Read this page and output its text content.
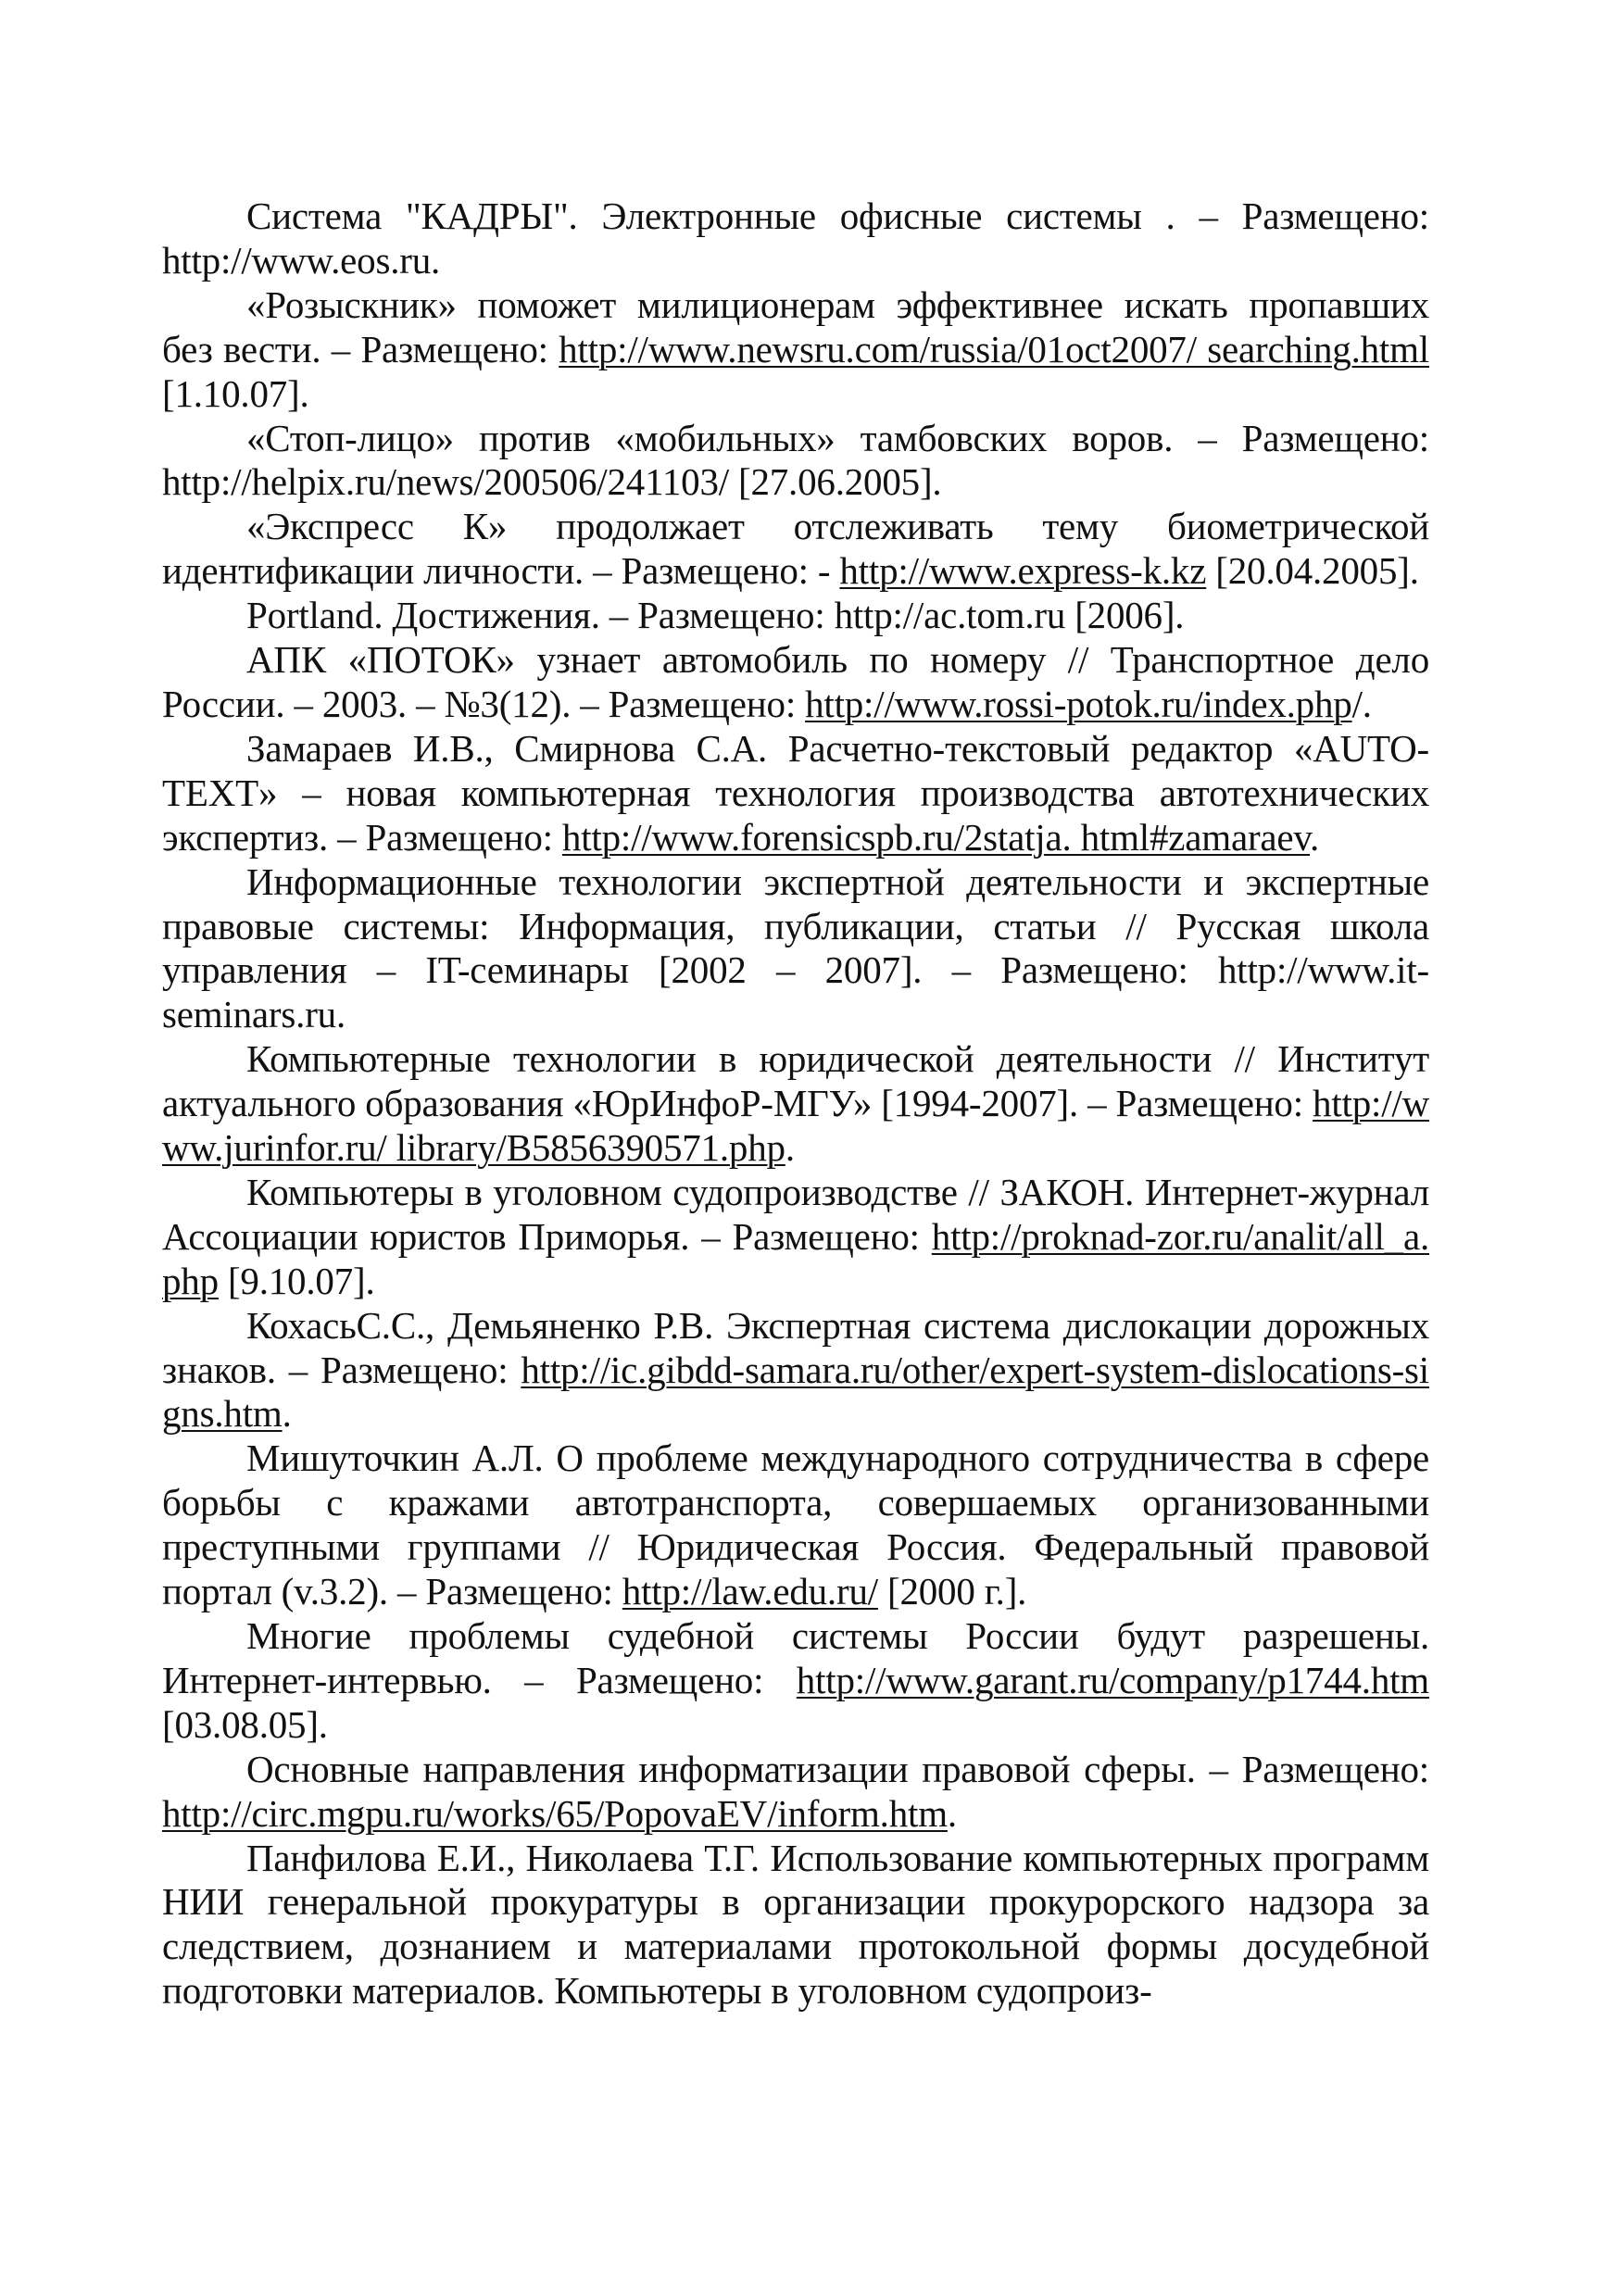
Система "КАДРЫ". Электронные офисные системы . – Размещено: http://www.eos.ru.

«Розыскник» поможет милиционерам эффективнее искать пропавших без вести. – Размещено: http://www.newsru.com/russia/01oct2007/ searching.html [1.10.07].

«Стоп-лицо» против «мобильных» тамбовских воров. – Размещено: http://helpix.ru/news/200506/241103/ [27.06.2005].

«Экспресс К» продолжает отслеживать тему биометрической идентификации личности. – Размещено: - http://www.express-k.kz [20.04.2005].

Portland. Достижения. – Размещено: http://ac.tom.ru [2006].

АПК «ПОТОК» узнает автомобиль по номеру // Транспортное дело России. – 2003. – №3(12). – Размещено: http://www.rossi-potok.ru/index.php/.

Замараев И.В., Смирнова С.А. Расчетно-текстовый редактор «AUTO-TEXT» – новая компьютерная технология производства автотехнических экспертиз. – Размещено: http://www.forensicspb.ru/2statja. html#zamaraev.

Информационные технологии экспертной деятельности и экспертные правовые системы: Информация, публикации, статьи // Русская школа управления – IT-семинары [2002 – 2007]. – Размещено: http://www.it-seminars.ru.

Компьютерные технологии в юридической деятельности // Институт актуального образования «ЮрИнфоР-МГУ» [1994-2007]. – Размещено: http://www.jurinfor.ru/ library/B5856390571.php.

Компьютеры в уголовном судопроизводстве // ЗАКОН. Интернет-журнал Ассоциации юристов Приморья. – Размещено: http://proknad-zor.ru/analit/all_a.php [9.10.07].

КохасьС.С., Демьяненко Р.В. Экспертная система дислокации дорожных знаков. – Размещено: http://ic.gibdd-samara.ru/other/expert-system-dislocations-signs.htm.

Мишуточкин А.Л. О проблеме международного сотрудничества в сфере борьбы с кражами автотранспорта, совершаемых организованными преступными группами // Юридическая Россия. Федеральный правовой портал (v.3.2). – Размещено: http://law.edu.ru/ [2000 г.].

Многие проблемы судебной системы России будут разрешены. Интернет-интервью. – Размещено: http://www.garant.ru/company/p1744.htm [03.08.05].

Основные направления информатизации правовой сферы. – Размещено: http://circ.mgpu.ru/works/65/PopovaEV/inform.htm.

Панфилова Е.И., Николаева Т.Г. Использование компьютерных программ НИИ генеральной прокуратуры в организации прокурорского надзора за следствием, дознанием и материалами протокольной формы досудебной подготовки материалов. Компьютеры в уголовном судопроиз-
